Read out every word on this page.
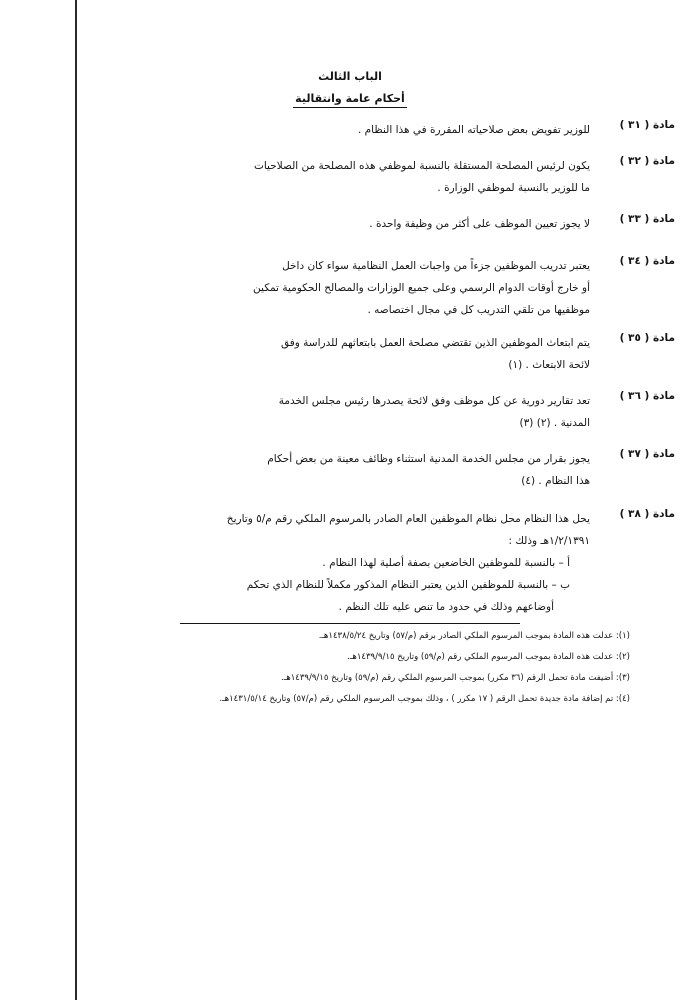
الباب الثالث
أحكام عامة وانتقالية
مادة ( ٣١ )
للوزير تفويض بعض صلاحياته المقررة في هذا النظام .
مادة ( ٣٢ )
يكون لرئيس المصلحة المستقلة بالنسبة لموظفي هذه المصلحة من الصلاحيات
ما للوزير بالنسبة لموظفي الوزارة .
مادة ( ٣٣ )
لا يجوز تعيين الموظف على أكثر من وظيفة واحدة .
مادة ( ٣٤ )
يعتبر تدريب الموظفين جزءاً من واجبات العمل النظامية سواء كان داخل
أو خارج أوقات الدوام الرسمي وعلى جميع الوزارات والمصالح الحكومية تمكين
موظفيها من تلقي التدريب كل في مجال اختصاصه .
مادة ( ٣٥ )
يتم ابتعاث الموظفين الذين تقتضي مصلحة العمل بابتعاثهم للدراسة وفق
لائحة الابتعاث . (١)
مادة ( ٣٦ )
تعد تقارير دورية عن كل موظف وفق لائحة يصدرها رئيس مجلس الخدمة
المدنية . (٢) (٣)
مادة ( ٣٧ )
يجوز بقرار من مجلس الخدمة المدنية استثناء وظائف معينة من بعض أحكام
هذا النظام . (٤)
مادة ( ٣٨ )
يحل هذا النظام محل نظام الموظفين العام الصادر بالمرسوم الملكي رقم م/٥ وتاريخ
١/٢/١٣٩١هـ وذلك :
أ – بالنسبة للموظفين الخاضعين بصفة أصلية لهذا النظام .
ب – بالنسبة للموظفين الذين يعتبر النظام المذكور مكملاً للنظام الذي تحكم
أوضاعهم وذلك في حدود ما تنص عليه تلك النظم .
(١): عدلت هذه المادة بموجب المرسوم الملكي الصادر برقم (م/٥٧) وتاريخ ١٤٣٨/٥/٢٤هـ.
(٢): عدلت هذه المادة بموجب المرسوم الملكي رقم (م/٥٩) وتاريخ ١٤٣٩/٩/١٥هـ.
(٣): أضيفت مادة تحمل الرقم (٣٦ مكرر) بموجب المرسوم الملكي رقم (م/٥٩) وتاريخ ١٤٣٩/٩/١٥هـ.
(٤): تم إضافة مادة جديدة تحمل الرقم ( ١٧ مكرر ) ، وذلك بموجب المرسوم الملكي رقم (م/٥٧) وتاريخ ١٤٣١/٥/١٤هـ.
